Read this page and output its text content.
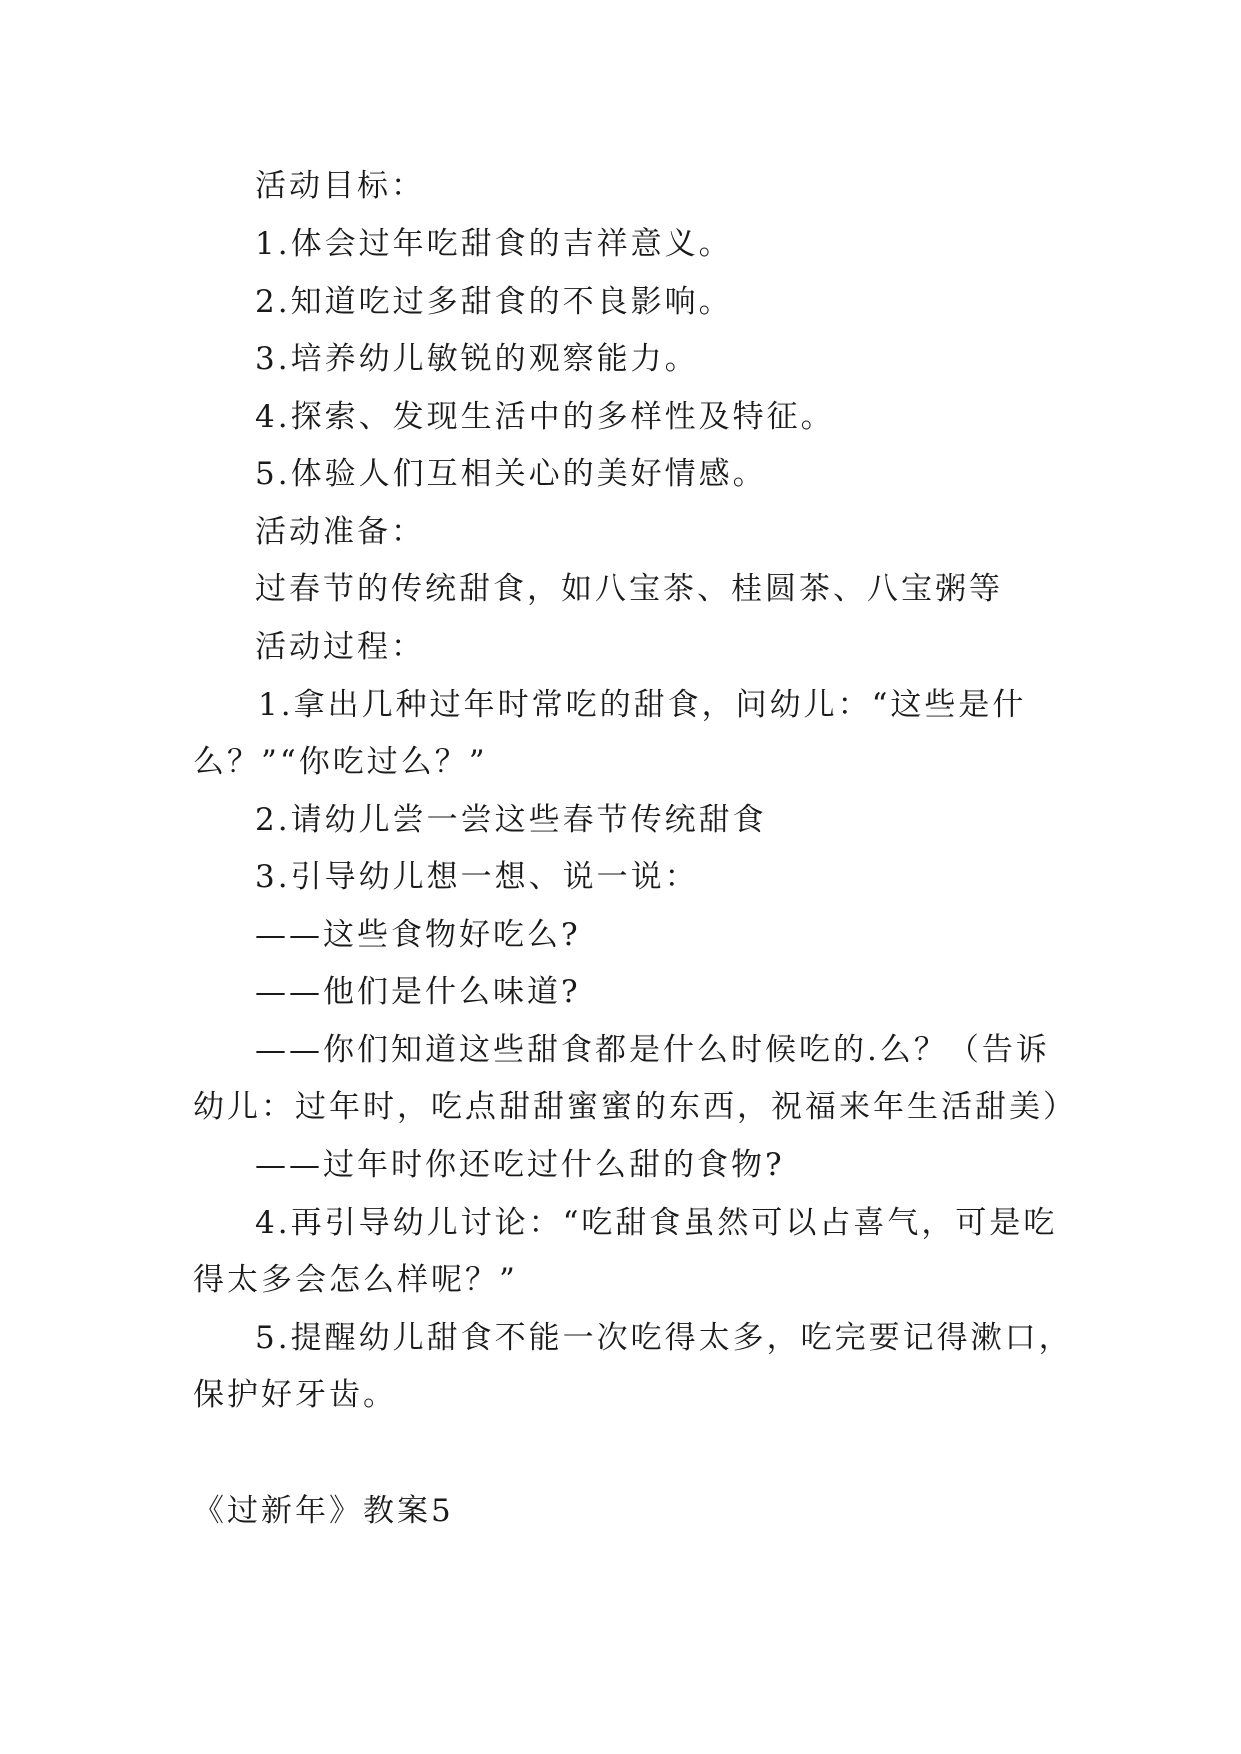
活动目标：
1.体会过年吃甜食的吉祥意义。
2.知道吃过多甜食的不良影响。
3.培养幼儿敏锐的观察能力。
4.探索、发现生活中的多样性及特征。
5.体验人们互相关心的美好情感。
活动准备：
过春节的传统甜食，如八宝茶、桂圆茶、八宝粥等
活动过程：
1.拿出几种过年时常吃的甜食，问幼儿：“这些是什
么？”“你吃过么？”
2.请幼儿尝一尝这些春节传统甜食
3.引导幼儿想一想、说一说：
——这些食物好吃么?
——他们是什么味道?
——你们知道这些甜食都是什么时候吃的.么？（告诉
幼儿：过年时，吃点甜甜蜜蜜的东西，祝福来年生活甜美）
——过年时你还吃过什么甜的食物?
4.再引导幼儿讨论：“吃甜食虽然可以占喜气，可是吃
得太多会怎么样呢？”
5.提醒幼儿甜食不能一次吃得太多，吃完要记得漱口，
保护好牙齿。
《过新年》教案5
